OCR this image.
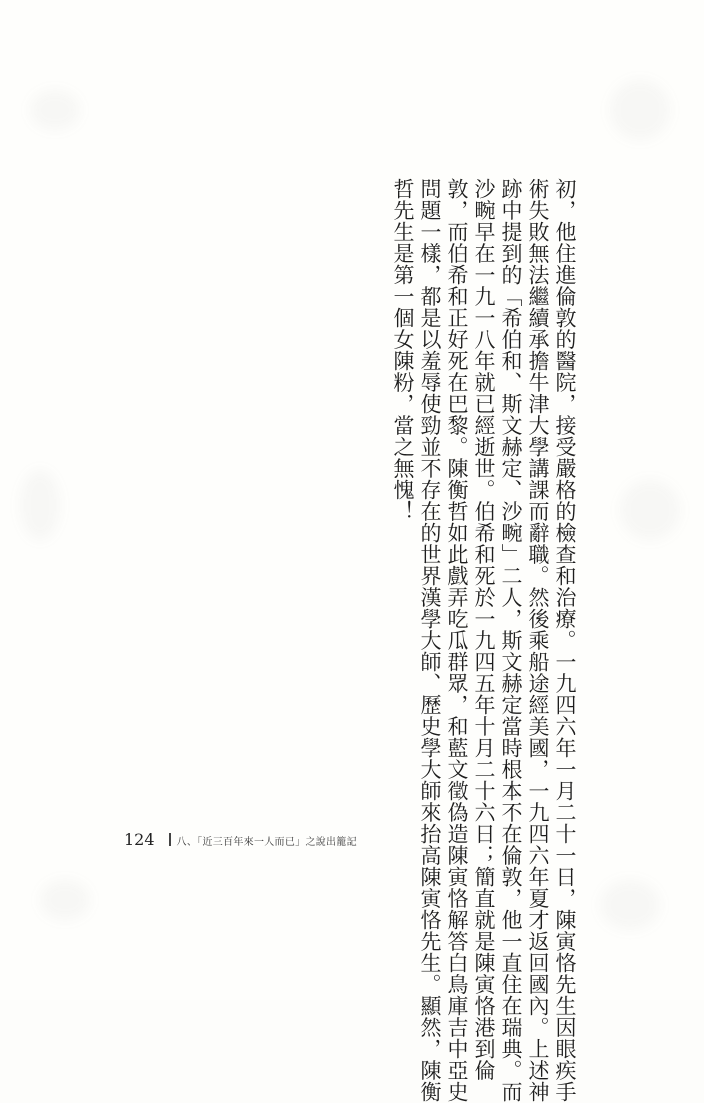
初，他住進倫敦的醫院，接受嚴格的檢查和治療。一九四六年一月二十一日，陳寅恪先生因眼疾手
術失敗無法繼續承擔牛津大學講課而辭職。然後乘船途經美國，一九四六年夏才返回國內。上述神
跡中提到的「希伯和、斯文赫定、沙畹」二人，斯文赫定當時根本不在倫敦，他一直住在瑞典。而
沙畹早在一九一八年就已經逝世。伯希和死於一九四五年十月二十六日；簡直就是陳寅恪港到倫
敦，而伯希和正好死在巴黎。陳衡哲如此戲弄吃瓜群眾，和藍文徵偽造陳寅恪解答白鳥庫吉中亞史
問題一樣，都是以羞辱使勁並不存在的世界漢學大師、歷史學大師來抬高陳寅恪先生。顯然，陳衡
哲先生是第一個女陳粉，當之無愧！
124 八、「近三百年來一人而已」之說出籠記
